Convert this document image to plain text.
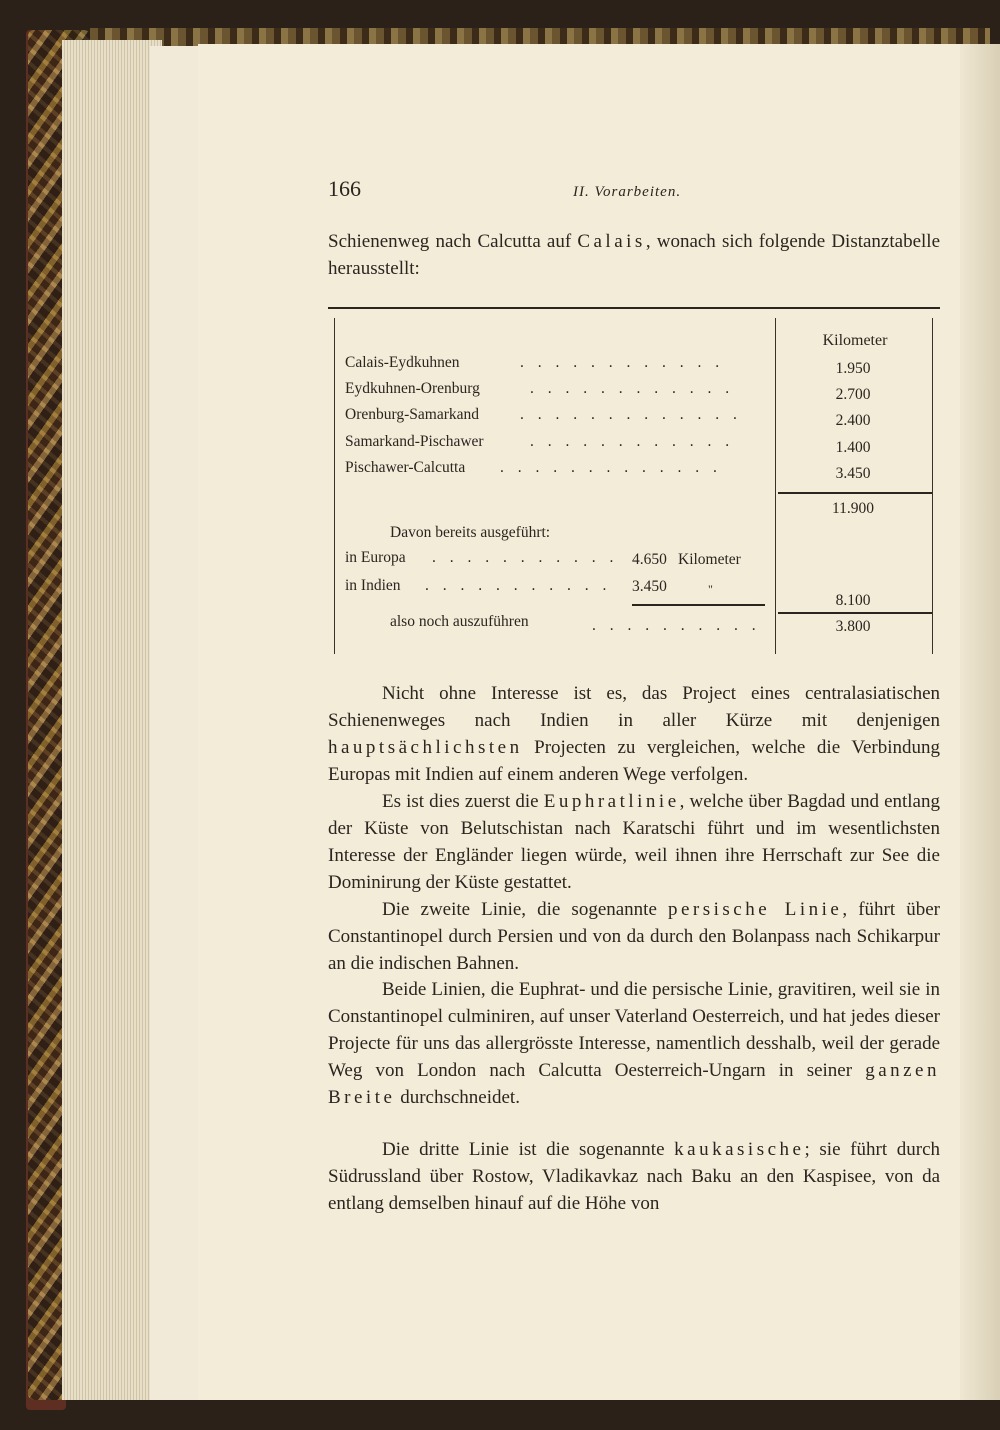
166	II. Vorarbeiten.

Schienenweg nach Calcutta auf Calais, wonach sich folgende Distanztabelle herausstellt:

Kilometer
Calais-Eydkuhnen	. . . . . . . . . . . .	1.950
Eydkuhnen-Orenburg	. . . . . . . . . . . .	2.700
Orenburg-Samarkand	. . . . . . . . . . . . .	2.400
Samarkand-Pischawer	. . . . . . . . . . . .	1.400
Pischawer-Calcutta . . . . . . . . . . . . .	3.450
11.900
Davon bereits ausgeführt:
in Europa . . . . . . . . . . . 4.650 Kilometer
in Indien . . . . . . . . . . . 3.450	"
8.100
also noch auszuführen	. . . . . . . . . .	3.800

Nicht ohne Interesse ist es, das Project eines centralasiatischen Schienenweges nach Indien in aller Kürze mit denjenigen hauptsächlichsten Projecten zu vergleichen, welche die Verbindung Europas mit Indien auf einem anderen Wege verfolgen.

Es ist dies zuerst die Euphratlinie, welche über Bagdad und entlang der Küste von Belutschistan nach Karatschi führt und im wesentlichsten Interesse der Engländer liegen würde, weil ihnen ihre Herrschaft zur See die Dominirung der Küste gestattet.

Die zweite Linie, die sogenannte persische Linie, führt über Constantinopel durch Persien und von da durch den Bolanpass nach Schikarpur an die indischen Bahnen.

Beide Linien, die Euphrat- und die persische Linie, gravitiren, weil sie in Constantinopel culminiren, auf unser Vaterland Oesterreich, und hat jedes dieser Projecte für uns das allergrösste Interesse, namentlich desshalb, weil der gerade Weg von London nach Calcutta Oesterreich-Ungarn in seiner ganzen Breite durchschneidet.

Die dritte Linie ist die sogenannte kaukasische; sie führt durch Südrussland über Rostow, Vladikavkaz nach Baku an den Kaspisee, von da entlang demselben hinauf auf die Höhe von
